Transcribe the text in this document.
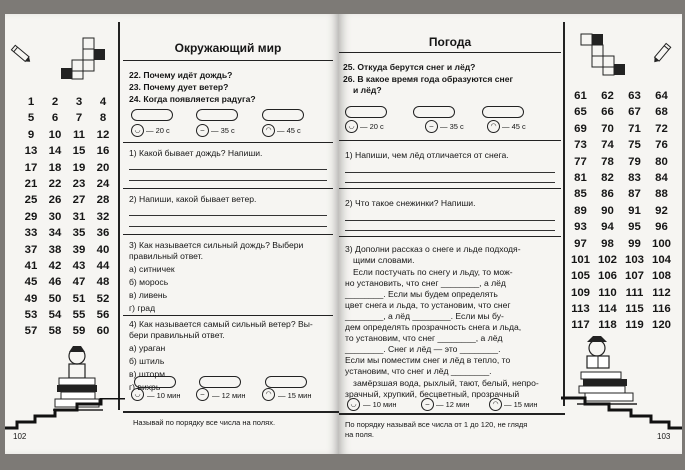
Окружающий мир
1	2	3	4
5	6	7	8
9	10	11	12
13 14 15 16
17 18 19 20
21 22 23 24
25 26 27 28
29 30 31 32
33 34 35 36
37 38 39 40
41 42 43 44
45 46 47 48
49 50 51 52
53 54 55 56
57 58 59 60
22. Почему идёт дождь?
23. Почему дует ветер?
24. Когда появляется радуга?
◡ — 20 с	– — 35 с	◠ — 45 с
1) Какой бывает дождь? Напиши.
2) Напиши, какой бывает ветер.
3) Как называется сильный дождь? Выбери
правильный ответ.
а) ситничек
б) морось
в) ливень
г) град
4) Как называется самый сильный ветер? Вы-
бери правильный ответ.
а) ураган
б) штиль
в) шторм
г) вихрь
◡ — 10 мин	–	— 12 мин	◠ — 15 мин
Называй по порядку все числа на полях.
102
Погода
61	62	63	64
65	66	67	68
69	70	71	72
73	74	75	76
77	78	79	80
81	82	83	84
85	86	87	88
89	90	91	92
93	94	95	96
97	98	99 100
101 102 103 104
105 106 107 108
109 110 111 112
113 114 115 116
117 118 119 120
25. Откуда берутся снег и лёд?
26. В какое время года образуются снег
и лёд?
◡ — 20 с	– — 35 с	◠ — 45 с
1) Напиши, чем лёд отличается от снега.
2) Что такое снежинки? Напиши.
3) Дополни рассказ о снеге и льде подходя-
щими словами.
Если постучать по снегу и льду, то мож-
но установить, что снег ________, а лёд
________. Если мы будем определять
цвет снега и льда, то установим, что снег
________, а лёд ________. Если мы бу-
дем определять прозрачность снега и льда,
то установим, что снег ________, а лёд
________. Снег и лёд — это ________.
Если мы поместим снег и лёд в тепло, то
установим, что снег и лёд ________.
замёрзшая вода, рыхлый, тают, белый, непро-
зрачный, хрупкий, бесцветный, прозрачный
◡ — 10 мин	– — 12 мин	◠ — 15 мин
По порядку называй все числа от 1 до 120, не глядя
на поля.	103
